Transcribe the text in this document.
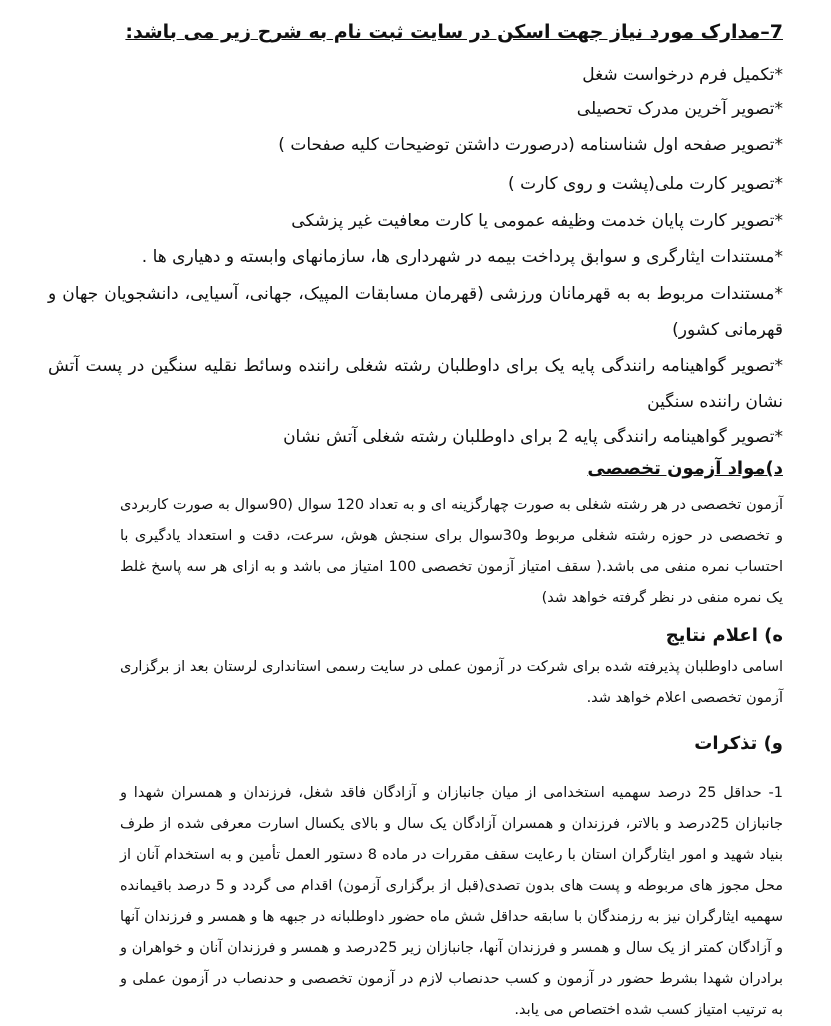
7–مدارک مورد نیاز جهت اسکن در سایت ثبت نام به شرح زیر می باشد:
*تکمیل فرم درخواست شغل
*تصویر آخرین مدرک تحصیلی
*تصویر صفحه اول شناسنامه (درصورت داشتن توضیحات کلیه صفحات )
*تصویر کارت ملی(پشت و روی کارت )
*تصویر کارت پایان خدمت وظیفه عمومی یا کارت معافیت غیر پزشکی
*مستندات ایثارگری و سوابق پرداخت بیمه در شهرداری ها، سازمانهای وابسته و دهیاری ها .
*مستندات مربوط به به قهرمانان ورزشی (قهرمان مسابقات المپیک، جهانی، آسیایی، دانشجویان جهان و قهرمانی کشور)
*تصویر گواهینامه رانندگی پایه یک برای داوطلبان رشته شغلی راننده وسائط نقلیه سنگین در پست آتش نشان راننده سنگین
*تصویر گواهینامه رانندگی پایه 2 برای داوطلبان رشته شغلی آتش نشان
د)مواد آزمون تخصصی
آزمون تخصصی در هر رشته شغلی به صورت چهارگزینه ای و به تعداد 120 سوال (90سوال به صورت کاربردی و تخصصی در حوزه رشته شغلی مربوط و30سوال برای سنجش هوش، سرعت، دقت و استعداد یادگیری با احتساب نمره منفی می باشد.( سقف امتیاز آزمون تخصصی 100 امتیاز می باشد و به ازای هر سه پاسخ غلط یک نمره منفی در نظر گرفته خواهد شد)
ه) اعلام نتایج
اسامی داوطلبان پذیرفته شده برای شرکت در آزمون عملی در سایت رسمی استانداری لرستان بعد از برگزاری آزمون تخصصی اعلام خواهد شد.
و) تذکرات
1- حداقل 25 درصد سهمیه استخدامی از میان جانبازان و آزادگان فاقد شغل، فرزندان و همسران شهدا و جانبازان 25درصد و بالاتر، فرزندان و همسران آزادگان یک سال و بالای یکسال اسارت معرفی شده از طرف بنیاد شهید و امور ایثارگران استان با رعایت سقف مقررات در ماده 8 دستور العمل تأمین و به استخدام آنان از محل مجوز های مربوطه و پست های بدون تصدی(قبل از برگزاری آزمون) اقدام می گردد و 5 درصد باقیمانده سهمیه ایثارگران نیز به رزمندگان با سابقه حداقل شش ماه حضور داوطلبانه در جبهه ها و همسر و فرزندان آنها و آزادگان کمتر از یک سال و همسر و فرزندان آنها، جانبازان زیر 25درصد و همسر و فرزندان آنان و خواهران و برادران شهدا بشرط حضور در آزمون و کسب حدنصاب لازم در آزمون تخصصی و حدنصاب در آزمون عملی و به ترتیب امتیاز کسب شده اختصاص می یابد.
